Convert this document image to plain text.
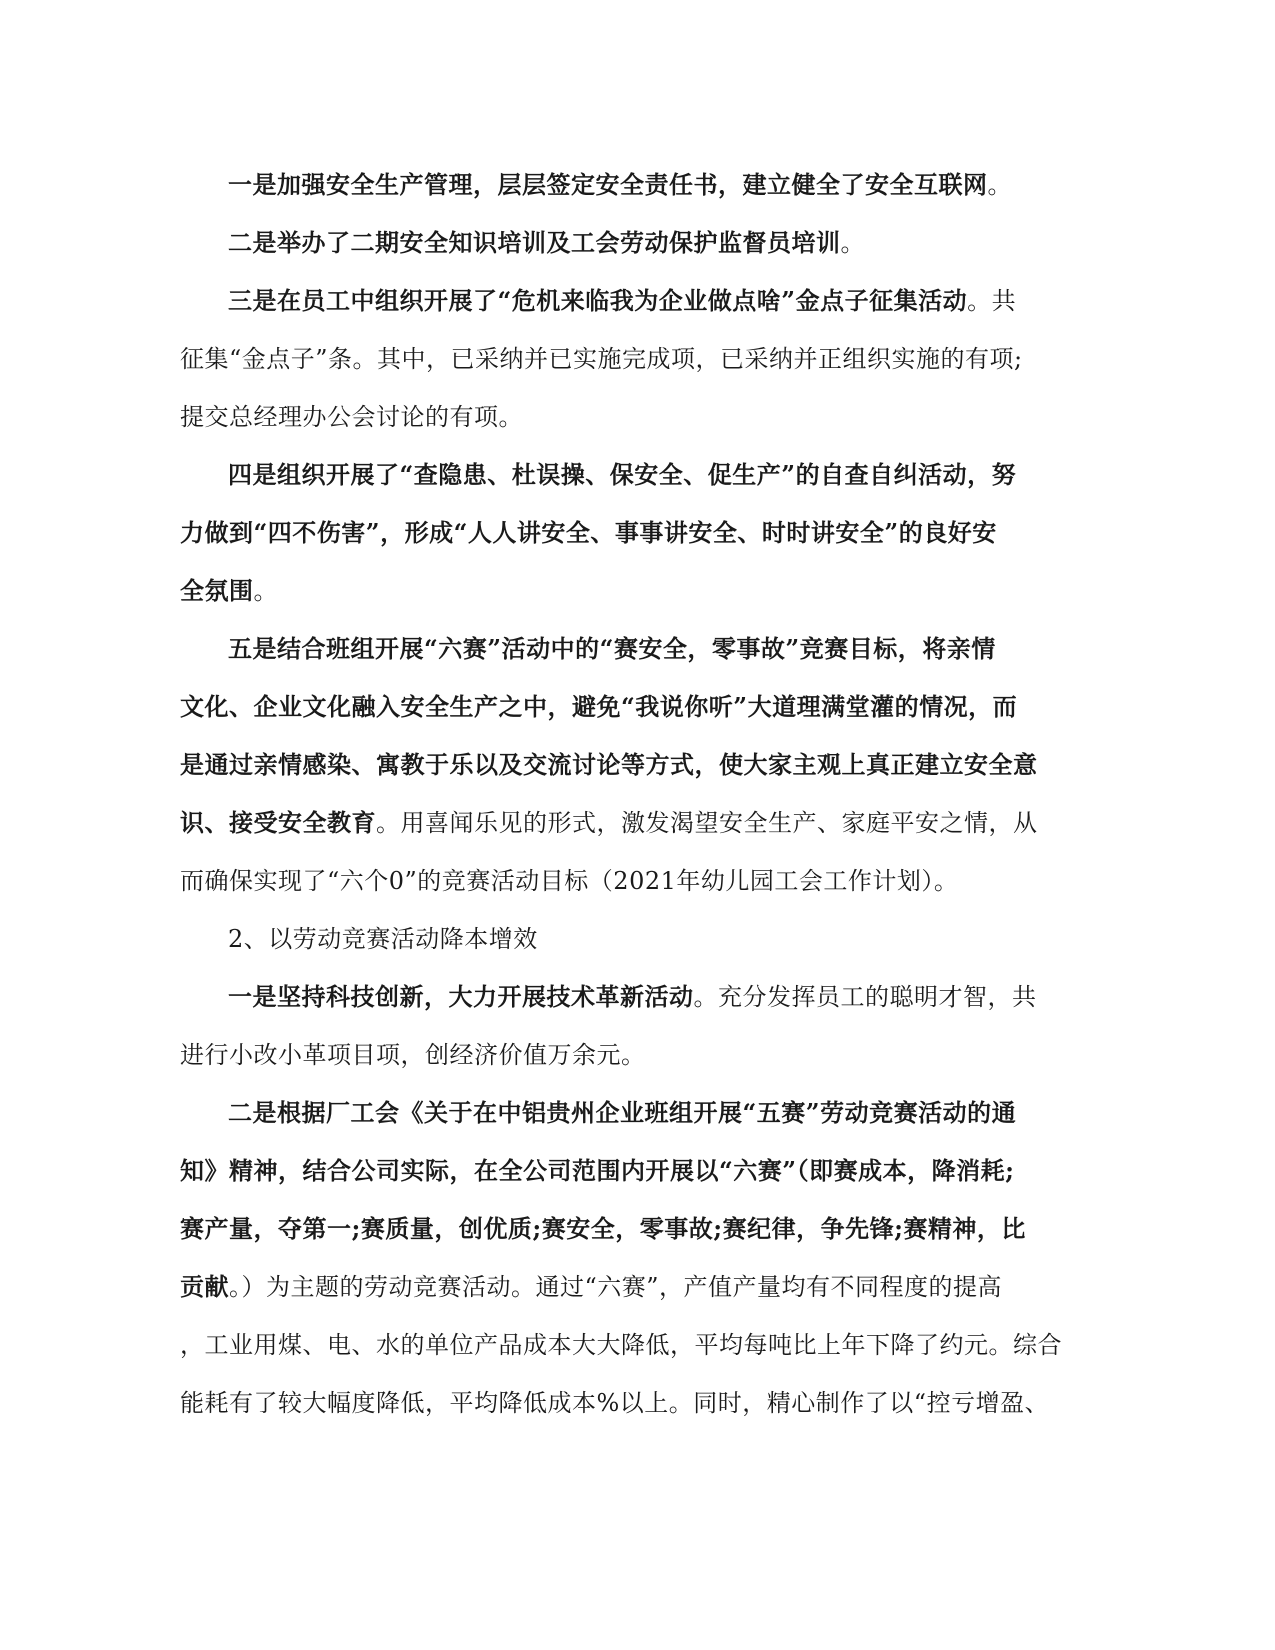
一是加强安全生产管理，层层签定安全责任书，建立健全了安全互联网。
二是举办了二期安全知识培训及工会劳动保护监督员培训。
三是在员工中组织开展了“危机来临我为企业做点啥”金点子征集活动。共
征集“金点子”条。其中，已采纳并已实施完成项，已采纳并正组织实施的有项;
提交总经理办公会讨论的有项。
四是组织开展了“查隐患、杜误操、保安全、促生产”的自查自纠活动，努
力做到“四不伤害”，形成“人人讲安全、事事讲安全、时时讲安全”的良好安
全氛围。
五是结合班组开展“六赛”活动中的“赛安全，零事故”竞赛目标，将亲情
文化、企业文化融入安全生产之中，避免“我说你听”大道理满堂灌的情况，而
是通过亲情感染、寓教于乐以及交流讨论等方式，使大家主观上真正建立安全意
识、接受安全教育。用喜闻乐见的形式，激发渴望安全生产、家庭平安之情，从
而确保实现了“六个0”的竞赛活动目标（2021年幼儿园工会工作计划）。
2、以劳动竞赛活动降本增效
一是坚持科技创新，大力开展技术革新活动。充分发挥员工的聪明才智，共
进行小改小革项目项，创经济价值万余元。
二是根据厂工会《关于在中铝贵州企业班组开展“五赛”劳动竞赛活动的通
知》精神，结合公司实际，在全公司范围内开展以“六赛”（即赛成本，降消耗;
赛产量，夺第一;赛质量，创优质;赛安全，零事故;赛纪律，争先锋;赛精神，比
贡献。）为主题的劳动竞赛活动。通过“六赛”，产值产量均有不同程度的提高
，工业用煤、电、水的单位产品成本大大降低，平均每吨比上年下降了约元。综合
能耗有了较大幅度降低，平均降低成本%以上。同时，精心制作了以“控亏增盈、
